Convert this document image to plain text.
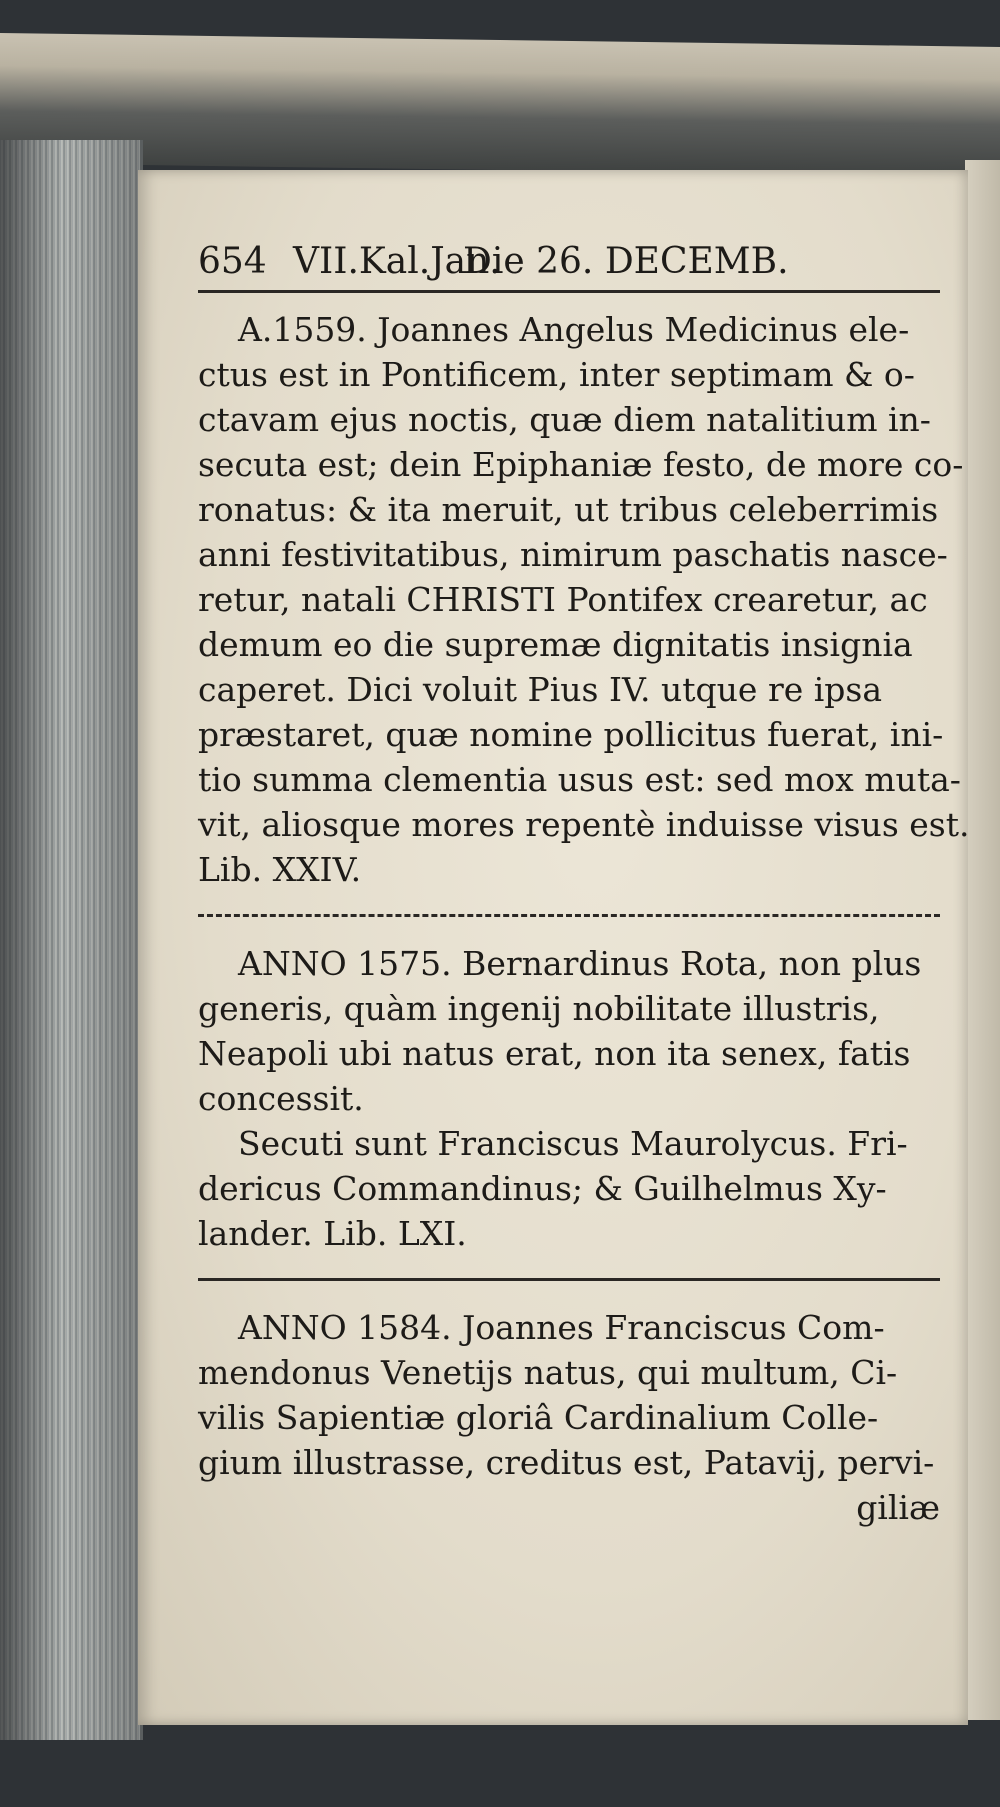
654 VII.Kal.Jan.
Die 26. DECEMB.

A.1559. Joannes Angelus Medicinus ele-
ctus est in Pontificem, inter septimam & o-
ctavam ejus noctis, quæ diem natalitium in-
secuta est; dein Epiphaniæ festo, de more co-
ronatus: & ita meruit, ut tribus celeberrimis
anni festivitatibus, nimirum paschatis nasce-
retur, natali CHRISTI Pontifex crearetur, ac
demum eo die supremæ dignitatis insignia
caperet. Dici voluit Pius IV. utque re ipsa
præstaret, quæ nomine pollicitus fuerat, ini-
tio summa clementia usus est: sed mox muta-
vit, aliosque mores repentè induisse visus est.
Lib. XXIV.

ANNO 1575. Bernardinus Rota, non plus
generis, quàm ingenij nobilitate illustris,
Neapoli ubi natus erat, non ita senex, fatis
concessit.
Secuti sunt Franciscus Maurolycus. Fri-
dericus Commandinus; & Guilhelmus Xy-
lander. Lib. LXI.

ANNO 1584. Joannes Franciscus Com-
mendonus Venetijs natus, qui multum, Ci-
vilis Sapientiæ gloriâ Cardinalium Colle-
gium illustrasse, creditus est, Patavij, pervi-

giliæ
